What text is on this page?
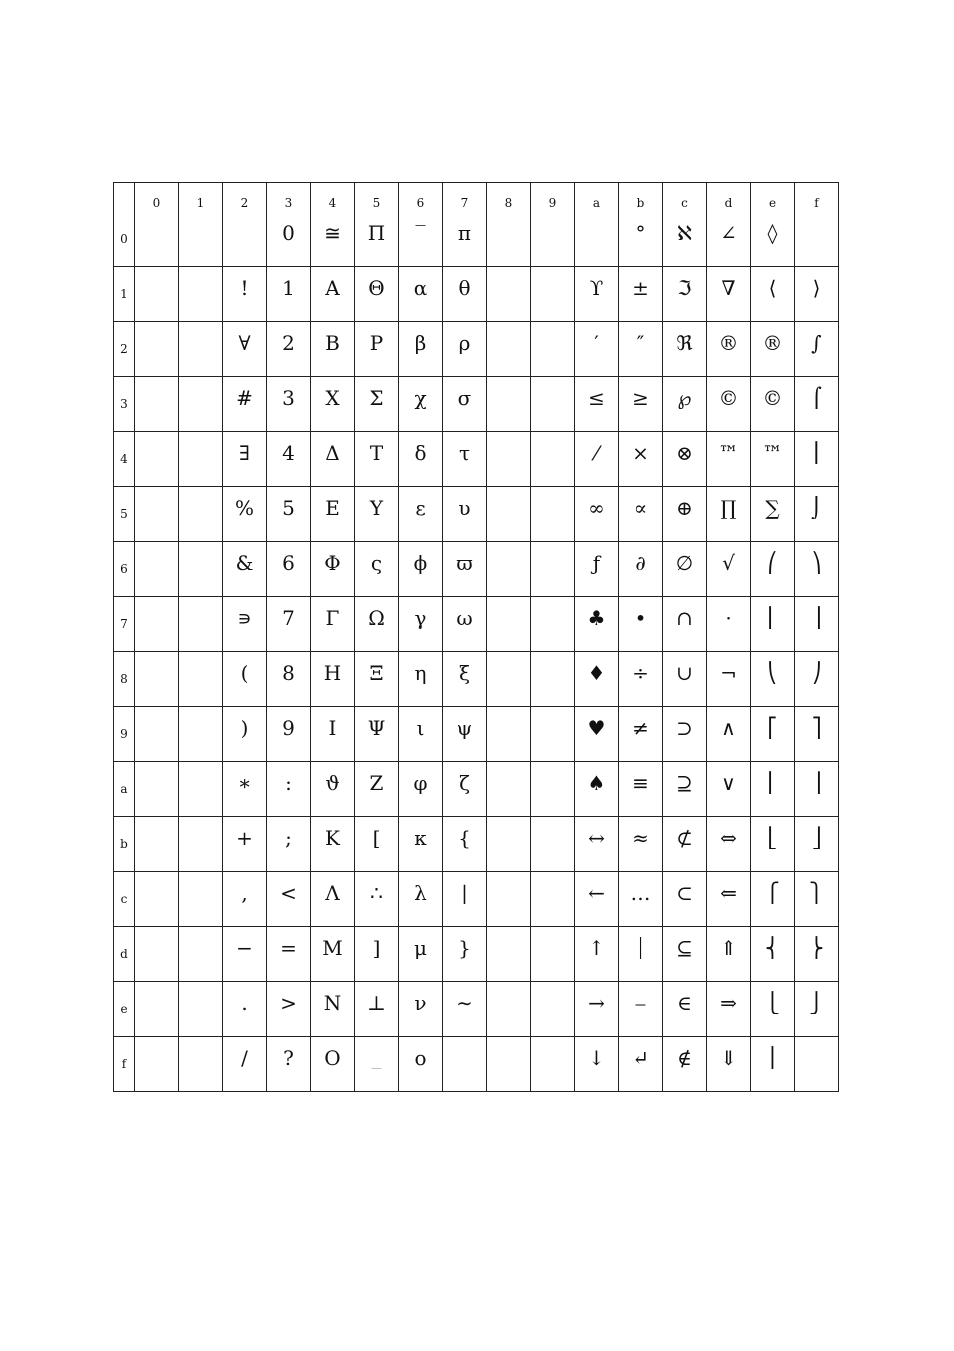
	0	1	2	3	4	5	6	7	8	9	a	b	c	d	e	f
0				0	≅	Π	‾	π				°	ℵ	∠	◊	

1			!	1	Α	Θ	α	θ			ϒ	±	ℑ	∇	⟨	⟩

2			∀	2	Β	Ρ	β	ρ			′	″	ℜ	®	®	∫

3			#	3	Χ	Σ	χ	σ			≤	≥	℘	©	©	⌠

4			∃	4	Δ	Τ	δ	τ			⁄	×	⊗	™	™	⎮

5			%	5	Ε	Υ	ε	υ			∞	∝	⊕	∏	∑	⌡

6			&	6	Φ	ς	ϕ	ϖ			ƒ	∂	∅	√	⎛	⎞

7			∍	7	Γ	Ω	γ	ω			♣	•	∩	·	⎜	⎟

8			(	8	Η	Ξ	η	ξ			♦	÷	∪	¬	⎝	⎠

9			)	9	Ι	Ψ	ι	ψ			♥	≠	⊃	∧	⎡	⎤

a			∗	:	ϑ	Ζ	φ	ζ			♠	≡	⊇	∨	⎢	⎥

b			+	;	Κ	[	κ	{			↔	≈	⊄	⇔	⎣	⎦

c			,	<	Λ	∴	λ	|			←	…	⊂	⇐	⎧	⎫

d			−	=	Μ	]	μ	}			↑	⏐	⊆	⇑	⎨	⎬

e			.	>	Ν	⊥	ν	∼			→	⎯	∈	⇒	⎩	⎭

f			/	?	Ο	_	ο				↓	↵	∉	⇓	⎪	
